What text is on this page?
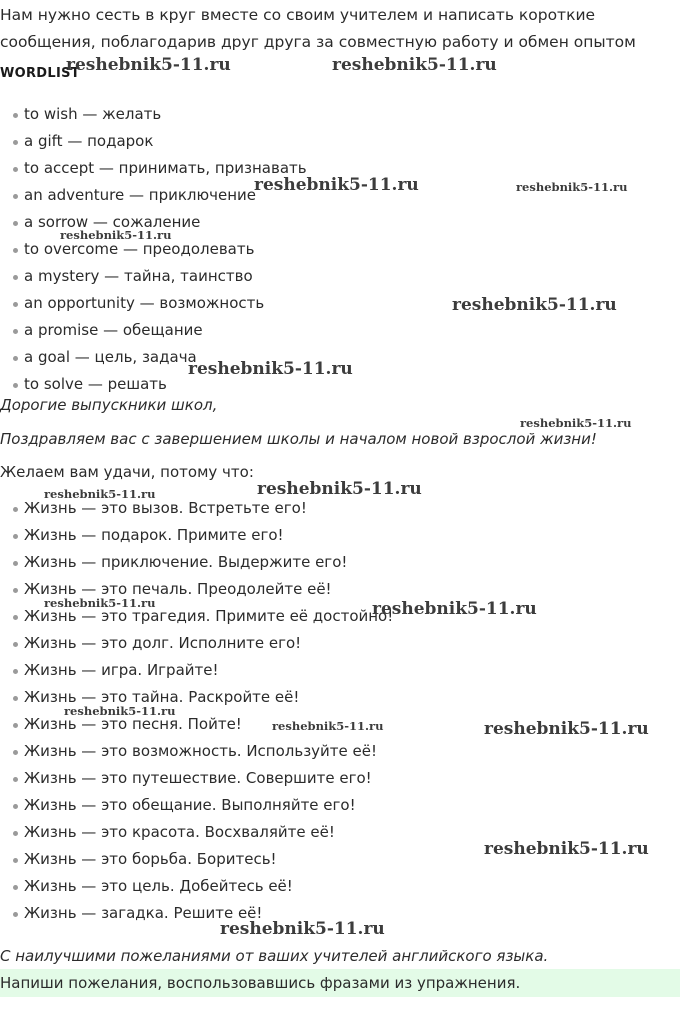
Нам нужно сесть в круг вместе со своим учителем и написать короткие сообщения, поблагодарив друг друга за совместную работу и обмен опытом

WORDLIST
to wish — желать
a gift — подарок
to accept — принимать, признавать
an adventure — приключение
a sorrow — сожаление
to overcome — преодолевать
a mystery — тайна, таинство
an opportunity — возможность
a promise — обещание
a goal — цель, задача
to solve — решать

Дорогие выпускники школ,

Поздравляем вас с завершением школы и началом новой взрослой жизни!

Желаем вам удачи, потому что:

Жизнь — это вызов. Встретьте его!
Жизнь — подарок. Примите его!
Жизнь — приключение. Выдержите его!
Жизнь — это печаль. Преодолейте её!
Жизнь — это трагедия. Примите её достойно!
Жизнь — это долг. Исполните его!
Жизнь — игра. Играйте!
Жизнь — это тайна. Раскройте её!
Жизнь — это песня. Пойте!
Жизнь — это возможность. Используйте её!
Жизнь — это путешествие. Совершите его!
Жизнь — это обещание. Выполняйте его!
Жизнь — это красота. Восхваляйте её!
Жизнь — это борьба. Боритесь!
Жизнь — это цель. Добейтесь её!
Жизнь — загадка. Решите её!

С наилучшими пожеланиями от ваших учителей английского языка.

Напиши пожелания, воспользовавшись фразами из упражнения.

reshebnik5-11.ru	reshebnik5-11.ru
reshebnik5-11.ru	reshebnik5-11.ru
reshebnik5-11.ru
reshebnik5-11.ru
reshebnik5-11.ru
reshebnik5-11.ru
reshebnik5-11.ru	reshebnik5-11.ru
reshebnik5-11.ru	reshebnik5-11.ru
reshebnik5-11.ru
reshebnik5-11.ru	reshebnik5-11.ru
reshebnik5-11.ru
reshebnik5-11.ru
